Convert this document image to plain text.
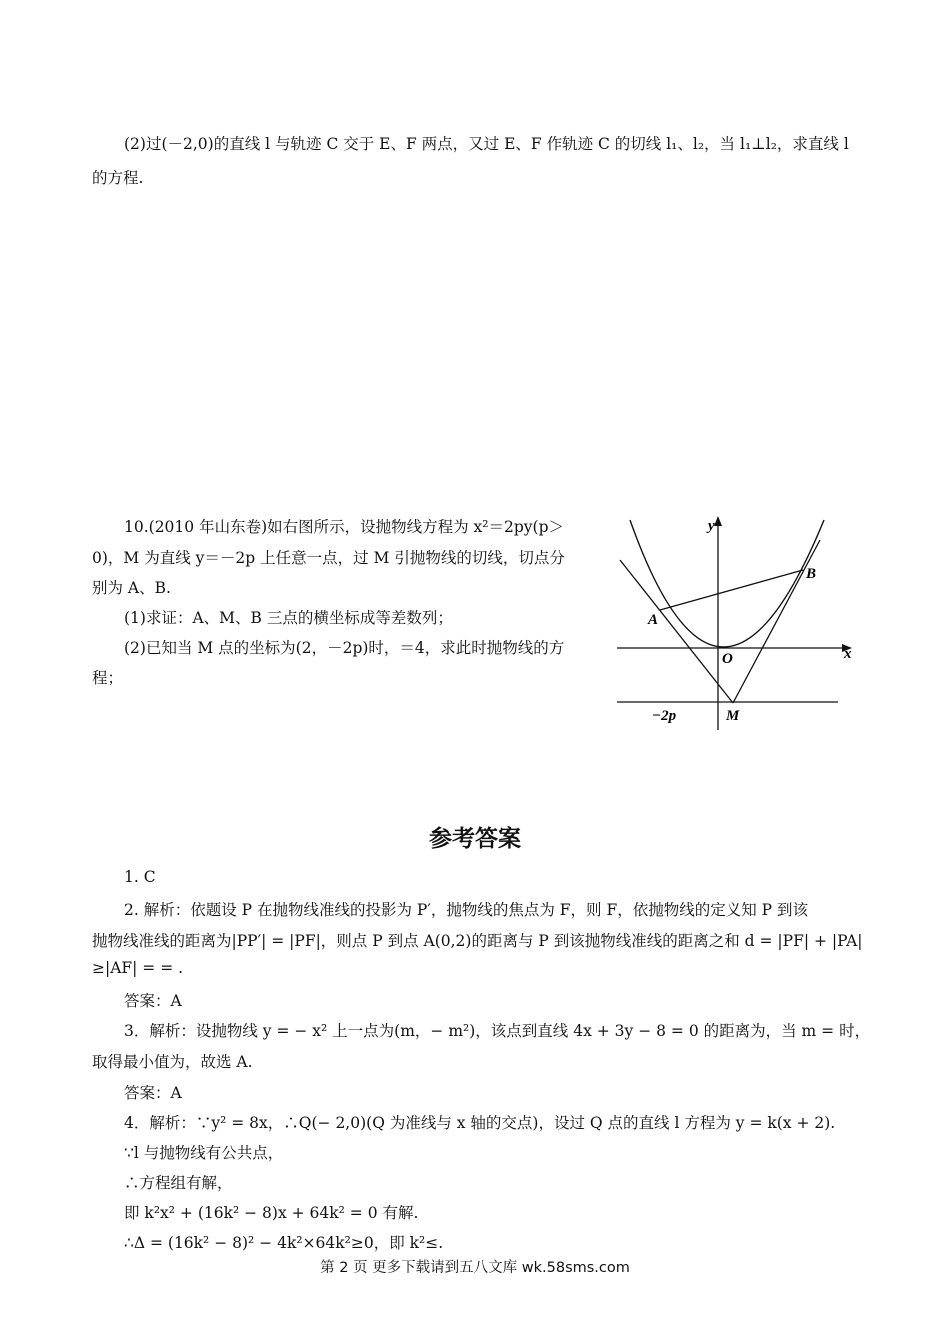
(2)过(－2,0)的直线 l 与轨迹 C 交于 E、F 两点，又过 E、F 作轨迹 C 的切线 l₁、l₂，当 l₁⊥l₂，求直线 l
的方程.
10.(2010 年山东卷)如右图所示，设抛物线方程为 x²＝2py(p＞
0)，M 为直线 y＝－2p 上任意一点，过 M 引抛物线的切线，切点分
别为 A、B.
(1)求证：A、M、B 三点的横坐标成等差数列；
(2)已知当 M 点的坐标为(2，－2p)时，＝4，求此时抛物线的方
程；
y
x
A
B
O
M
−2p
参考答案
1. C
2. 解析：依题设 P 在抛物线准线的投影为 P′，抛物线的焦点为 F，则 F，依抛物线的定义知 P 到该
抛物线准线的距离为|PP′| = |PF|，则点 P 到点 A(0,2)的距离与 P 到该抛物线准线的距离之和 d = |PF| + |PA|
≥|AF| = = .
答案：A
3．解析：设抛物线 y = − x² 上一点为(m，− m²)，该点到直线 4x + 3y − 8 = 0 的距离为，当 m = 时，
取得最小值为，故选 A.
答案：A
4．解析：∵y² = 8x，∴Q(− 2,0)(Q 为准线与 x 轴的交点)，设过 Q 点的直线 l 方程为 y = k(x + 2).
∵l 与抛物线有公共点，
∴方程组有解，
即 k²x² + (16k² − 8)x + 64k² = 0 有解.
∴Δ = (16k² − 8)² − 4k²×64k²≥0，即 k²≤.
第 2 页 更多下载请到五八文库 wk.58sms.com
